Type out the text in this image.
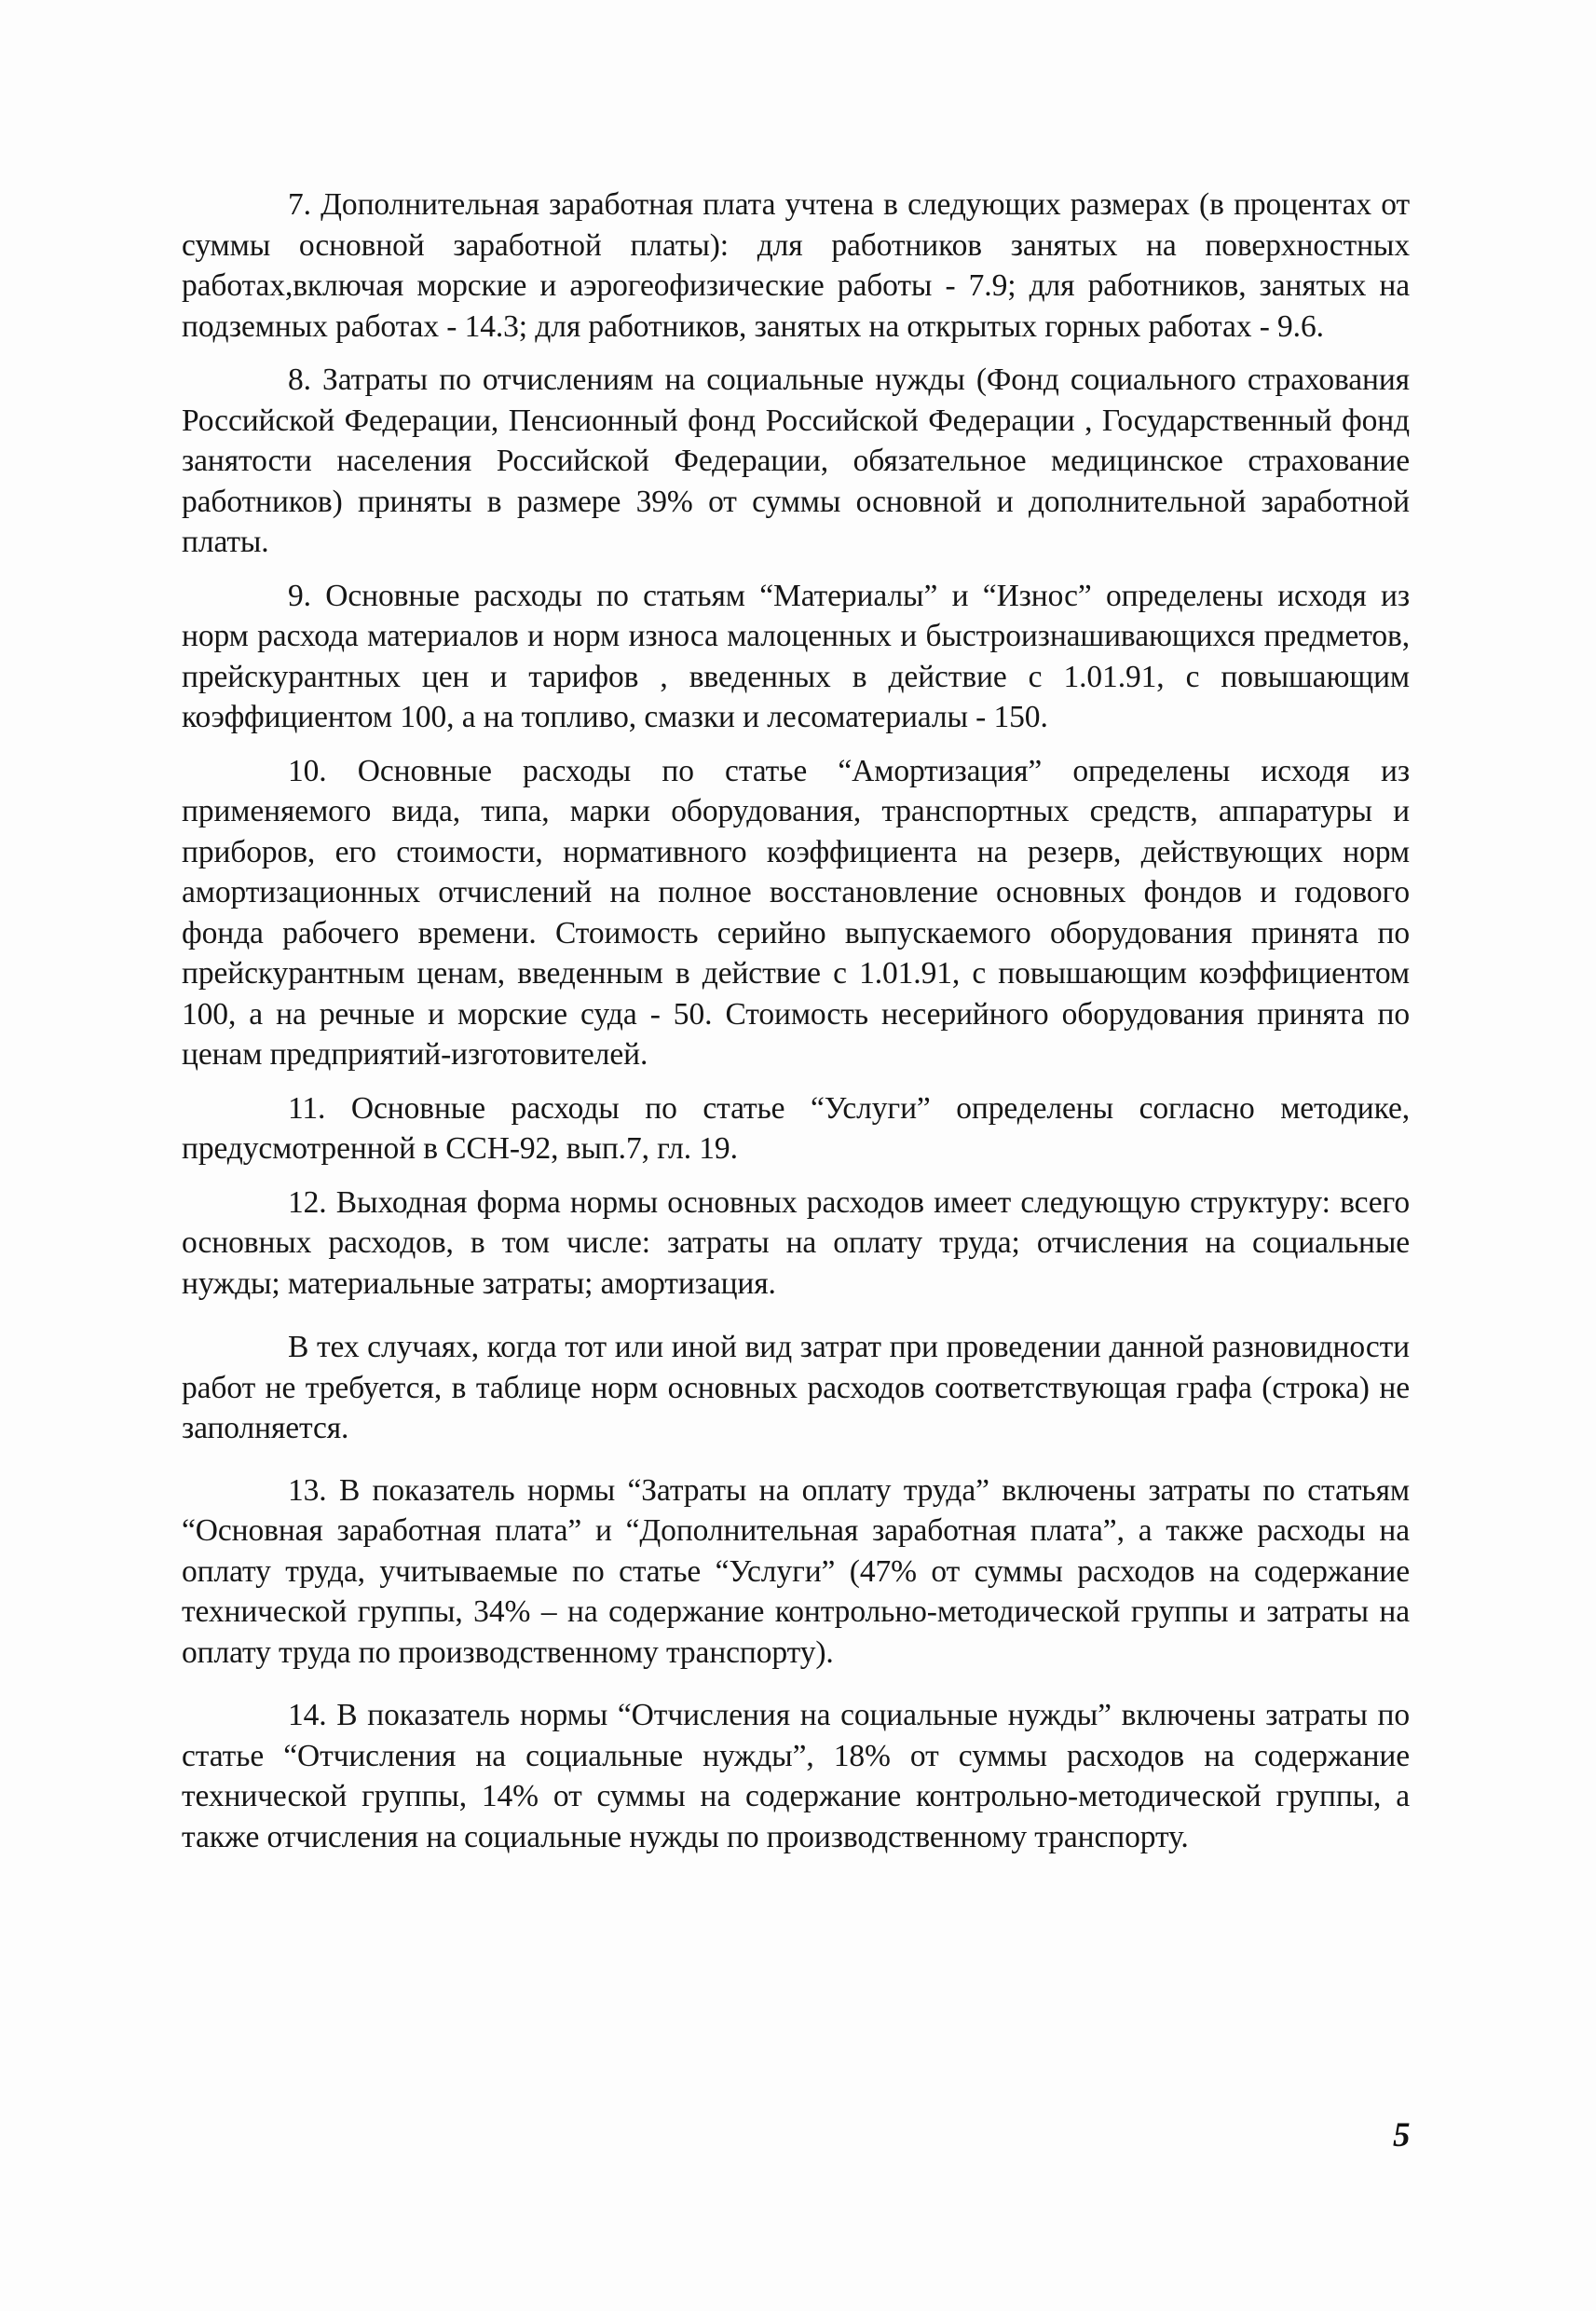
7. Дополнительная заработная плата учтена в следующих размерах (в процентах от суммы основной заработной платы): для работников занятых на поверхностных работах,включая морские и аэрогеофизические работы - 7.9; для работников, занятых на подземных работах - 14.3; для работников, занятых на открытых горных работах - 9.6.

8. Затраты по отчислениям на социальные нужды (Фонд социального страхования Российской Федерации, Пенсионный фонд Российской Федерации , Государственный фонд занятости населения Российской Федерации, обязательное медицинское страхование работников) приняты в размере 39% от суммы основной и дополнительной заработной платы.

9. Основные расходы по статьям “Материалы” и “Износ” определены исходя из норм расхода материалов и норм износа малоценных и быстроизнашивающихся предметов, прейскурантных цен и тарифов , введенных в действие с 1.01.91, с повышающим коэффициентом 100, а на топливо, смазки и лесоматериалы - 150.

10. Основные расходы по статье “Амортизация” определены исходя из применяемого вида, типа, марки оборудования, транспортных средств, аппаратуры и приборов, его стоимости, нормативного коэффициента на резерв, действующих норм амортизационных отчислений на полное восстановление основных фондов и годового фонда рабочего времени. Стоимость серийно выпускаемого оборудования принята по прейскурантным ценам, введенным в действие с 1.01.91, с повышающим коэффициентом 100, а на речные и морские суда - 50. Стоимость несерийного оборудования принята по ценам предприятий-изготовителей.

11. Основные расходы по статье “Услуги” определены согласно методике, предусмотренной в ССН-92, вып.7, гл. 19.

12. Выходная форма нормы основных расходов имеет следующую структуру: всего основных расходов, в том числе: затраты на оплату труда; отчисления на социальные нужды; материальные затраты; амортизация.

В тех случаях, когда тот или иной вид затрат при проведении данной разновидности работ не требуется, в таблице норм основных расходов соответствующая графа (строка) не заполняется.

13. В показатель нормы “Затраты на оплату труда” включены затраты по статьям “Основная заработная плата” и “Дополнительная заработная плата”, а также расходы на оплату труда, учитываемые по статье “Услуги” (47% от суммы расходов на содержание технической группы, 34% – на содержание контрольно-методической группы и затраты на оплату труда по производственному транспорту).

14. В показатель нормы “Отчисления на социальные нужды” включены затраты по статье “Отчисления на социальные нужды”, 18% от суммы расходов на содержание технической группы, 14% от суммы на содержание контрольно-методической группы, а также отчисления на социальные нужды по производственному транспорту.

5
